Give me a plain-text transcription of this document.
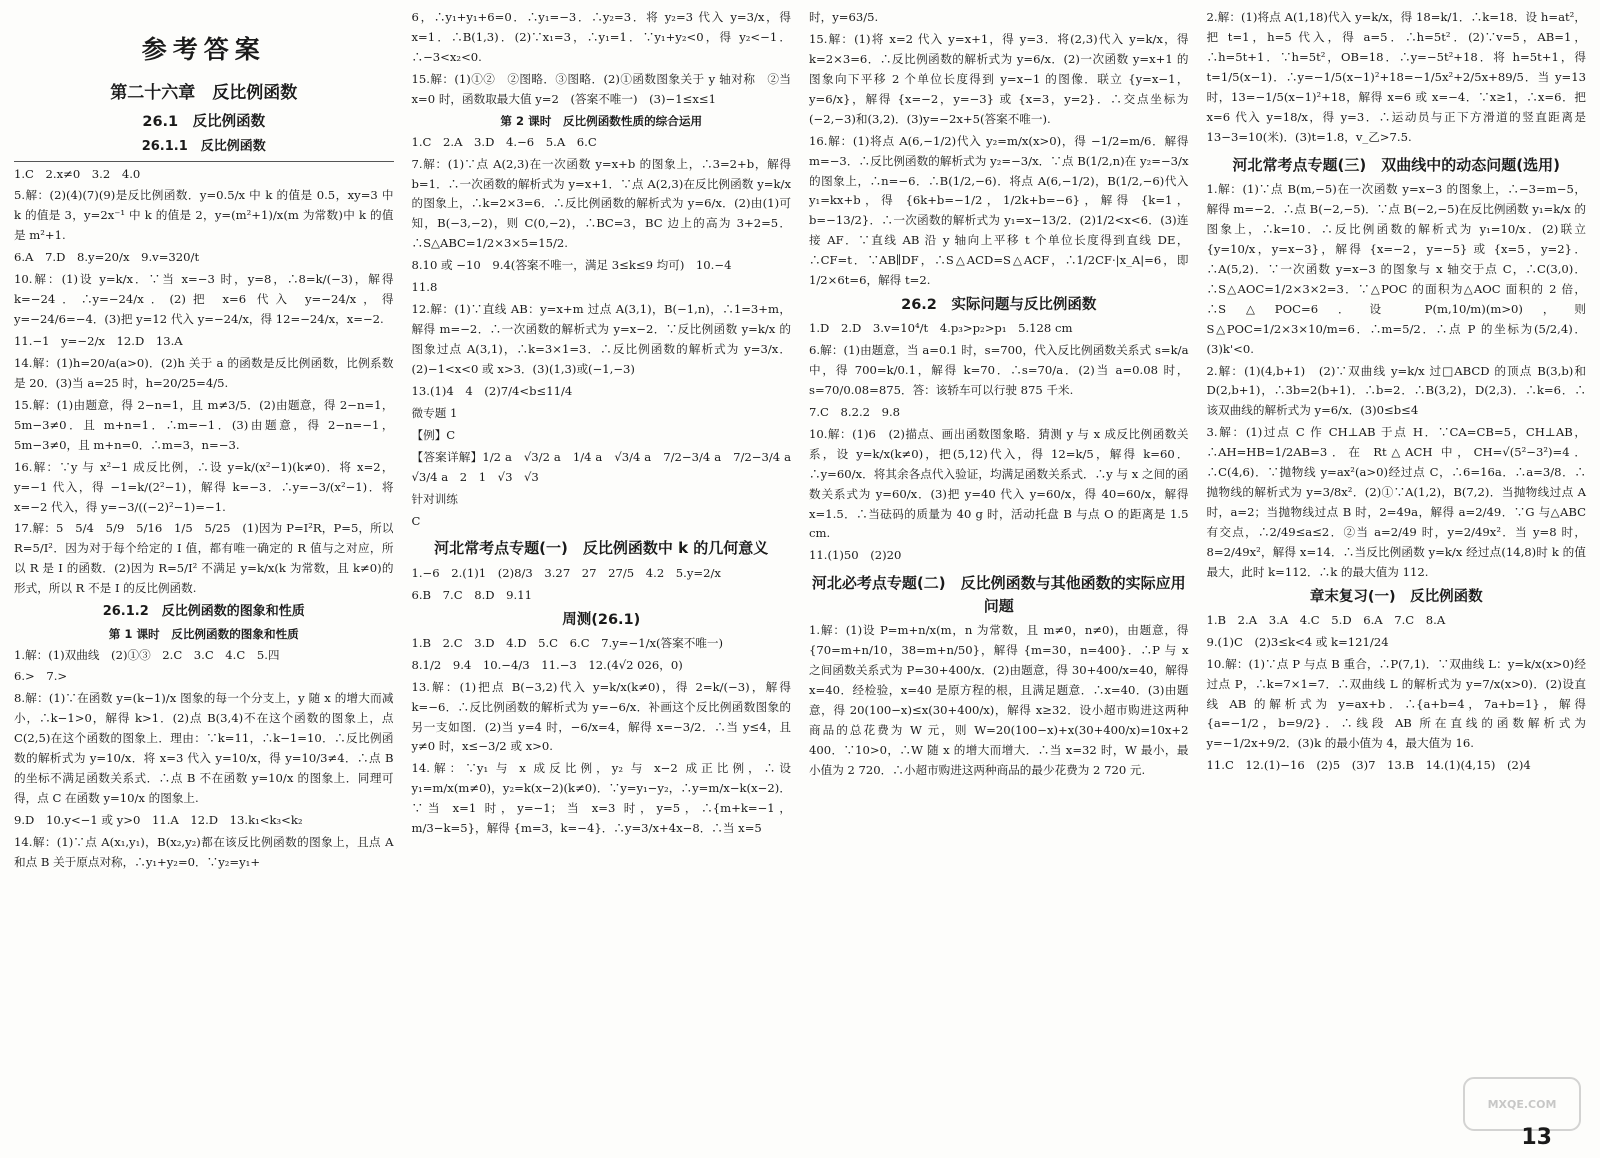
参考答案
第二十六章　反比例函数
26.1　反比例函数
26.1.1　反比例函数
1.C　2.x≠0　3.2　4.0
5.解：(2)(4)(7)(9)是反比例函数．y=0.5/x 中 k 的值是 0.5，xy=3 中 k 的值是 3，y=2x⁻¹ 中 k 的值是 2，y=(m²+1)/x(m 为常数)中 k 的值是 m²+1.
6.A　7.D　8.y=20/x　9.v=320/t
10.解：(1)设 y=k/x．∵当 x=−3 时，y=8，∴8=k/(−3)，解得 k=−24．∴y=−24/x．(2)把 x=6 代入 y=−24/x，得 y=−24/6=−4．(3)把 y=12 代入 y=−24/x，得 12=−24/x，x=−2.
11.−1　y=−2/x　12.D　13.A
14.解：(1)h=20/a(a>0)．(2)h 关于 a 的函数是反比例函数，比例系数是 20．(3)当 a=25 时，h=20/25=4/5.
15.解：(1)由题意，得 2−n=1，且 m≠3/5．(2)由题意，得 2−n=1，5m−3≠0．且 m+n=1．∴m=−1．(3)由题意，得 2−n=−1，5m−3≠0，且 m+n=0．∴m=3，n=−3.
16.解：∵y 与 x²−1 成反比例，∴设 y=k/(x²−1)(k≠0)．将 x=2，y=−1 代入，得 −1=k/(2²−1)，解得 k=−3．∴y=−3/(x²−1)．将 x=−2 代入，得 y=−3/((−2)²−1)=−1.
17.解：5　5/4　5/9　5/16　1/5　5/25　(1)因为 P=I²R，P=5，所以 R=5/I²．因为对于每个给定的 I 值，都有唯一确定的 R 值与之对应，所以 R 是 I 的函数．(2)因为 R=5/I² 不满足 y=k/x(k 为常数，且 k≠0)的形式，所以 R 不是 I 的反比例函数.
26.1.2　反比例函数的图象和性质
第 1 课时　反比例函数的图象和性质
1.解：(1)双曲线　(2)①③　2.C　3.C　4.C　5.四
6.>　7.>
8.解：(1)∵在函数 y=(k−1)/x 图象的每一个分支上，y 随 x 的增大而减小，∴k−1>0，解得 k>1．(2)点 B(3,4)不在这个函数的图象上，点 C(2,5)在这个函数的图象上．理由：∵k=11，∴k−1=10．∴反比例函数的解析式为 y=10/x．将 x=3 代入 y=10/x，得 y=10/3≠4．∴点 B 的坐标不满足函数关系式．∴点 B 不在函数 y=10/x 的图象上．同理可得，点 C 在函数 y=10/x 的图象上.
9.D　10.y<−1 或 y>0　11.A　12.D　13.k₁<k₃<k₂
14.解：(1)∵点 A(x₁,y₁)，B(x₂,y₂)都在该反比例函数的图象上，且点 A 和点 B 关于原点对称，∴y₁+y₂=0．∵y₂=y₁+
6，∴y₁+y₁+6=0．∴y₁=−3．∴y₂=3．将 y₂=3 代入 y=3/x，得 x=1．∴B(1,3)．(2)∵x₁=3，∴y₁=1．∵y₁+y₂<0，得 y₂<−1．∴−3<x₂<0.
15.解：(1)①②　②图略．③图略．(2)①函数图象关于 y 轴对称　②当 x=0 时，函数取最大值 y=2　(答案不唯一)　(3)−1≤x≤1
第 2 课时　反比例函数性质的综合运用
1.C　2.A　3.D　4.−6　5.A　6.C
7.解：(1)∵点 A(2,3)在一次函数 y=x+b 的图象上，∴3=2+b，解得 b=1．∴一次函数的解析式为 y=x+1．∵点 A(2,3)在反比例函数 y=k/x 的图象上，∴k=2×3=6．∴反比例函数的解析式为 y=6/x．(2)由(1)可知，B(−3,−2)，则 C(0,−2)，∴BC=3，BC 边上的高为 3+2=5．∴S△ABC=1/2×3×5=15/2.
8.10 或 −10　9.4(答案不唯一，满足 3≤k≤9 均可)　10.−4
11.8
12.解：(1)∵直线 AB：y=x+m 过点 A(3,1)，B(−1,n)，∴1=3+m，解得 m=−2．∴一次函数的解析式为 y=x−2．∵反比例函数 y=k/x 的图象过点 A(3,1)，∴k=3×1=3．∴反比例函数的解析式为 y=3/x．(2)−1<x<0 或 x>3．(3)(1,3)或(−1,−3)
13.(1)4　4　(2)7/4<b≤11/4
微专题 1
【例】C
【答案详解】1/2 a　√3/2 a　1/4 a　√3/4 a　7/2−3/4 a　7/2−3/4 a　√3/4 a　2　1　√3　√3
针对训练
C
河北常考点专题(一)　反比例函数中 k 的几何意义
1.−6　2.(1)1　(2)8/3　3.27　27　27/5　4.2　5.y=2/x
6.B　7.C　8.D　9.11
周测(26.1)
1.B　2.C　3.D　4.D　5.C　6.C　7.y=−1/x(答案不唯一)
8.1/2　9.4　10.−4/3　11.−3　12.(4√2 026，0)
13.解：(1)把点 B(−3,2)代入 y=k/x(k≠0)，得 2=k/(−3)，解得 k=−6．∴反比例函数的解析式为 y=−6/x．补画这个反比例函数图象的另一支如图．(2)当 y=4 时，−6/x=4，解得 x=−3/2．∴当 y≤4，且 y≠0 时，x≤−3/2 或 x>0.
14.解：∵y₁ 与 x 成反比例，y₂ 与 x−2 成正比例，∴设 y₁=m/x(m≠0)，y₂=k(x−2)(k≠0)．∵y=y₁−y₂，∴y=m/x−k(x−2)．∵当 x=1 时，y=−1；当 x=3 时，y=5，∴{m+k=−1，m/3−k=5}，解得 {m=3，k=−4}．∴y=3/x+4x−8．∴当 x=5
时，y=63/5.
15.解：(1)将 x=2 代入 y=x+1，得 y=3．将(2,3)代入 y=k/x，得 k=2×3=6．∴反比例函数的解析式为 y=6/x．(2)一次函数 y=x+1 的图象向下平移 2 个单位长度得到 y=x−1 的图像．联立 {y=x−1，y=6/x}，解得 {x=−2，y=−3} 或 {x=3，y=2}．∴交点坐标为(−2,−3)和(3,2)．(3)y=−2x+5(答案不唯一).
16.解：(1)将点 A(6,−1/2)代入 y₂=m/x(x>0)，得 −1/2=m/6．解得 m=−3．∴反比例函数的解析式为 y₂=−3/x．∵点 B(1/2,n)在 y₂=−3/x 的图象上，∴n=−6．∴B(1/2,−6)．将点 A(6,−1/2)，B(1/2,−6)代入 y₁=kx+b，得 {6k+b=−1/2，1/2k+b=−6}，解得 {k=1，b=−13/2}．∴一次函数的解析式为 y₁=x−13/2．(2)1/2<x<6．(3)连接 AF．∵直线 AB 沿 y 轴向上平移 t 个单位长度得到直线 DE，∴CF=t．∵AB∥DF，∴S△ACD=S△ACF，∴1/2CF·|x_A|=6，即 1/2×6t=6，解得 t=2.
26.2　实际问题与反比例函数
1.D　2.D　3.v=10⁴/t　4.p₃>p₂>p₁　5.128 cm
6.解：(1)由题意，当 a=0.1 时，s=700，代入反比例函数关系式 s=k/a 中，得 700=k/0.1，解得 k=70．∴s=70/a．(2)当 a=0.08 时，s=70/0.08=875．答：该轿车可以行驶 875 千米.
7.C　8.2.2　9.8
10.解：(1)6　(2)描点、画出函数图象略．猜测 y 与 x 成反比例函数关系，设 y=k/x(k≠0)，把(5,12)代入，得 12=k/5，解得 k=60．∴y=60/x．将其余各点代入验证，均满足函数关系式．∴y 与 x 之间的函数关系式为 y=60/x．(3)把 y=40 代入 y=60/x，得 40=60/x，解得 x=1.5．∴当砝码的质量为 40 g 时，活动托盘 B 与点 O 的距离是 1.5 cm.
11.(1)50　(2)20
河北必考点专题(二)　反比例函数与其他函数的实际应用问题
1.解：(1)设 P=m+n/x(m，n 为常数，且 m≠0，n≠0)，由题意，得 {70=m+n/10，38=m+n/50}，解得 {m=30，n=400}．∴P 与 x 之间函数关系式为 P=30+400/x．(2)由题意，得 30+400/x=40，解得 x=40．经检验，x=40 是原方程的根，且满足题意．∴x=40．(3)由题意，得 20(100−x)≤x(30+400/x)，解得 x≥32．设小超市购进这两种商品的总花费为 W 元，则 W=20(100−x)+x(30+400/x)=10x+2 400．∵10>0，∴W 随 x 的增大而增大．∴当 x=32 时，W 最小，最小值为 2 720．∴小超市购进这两种商品的最少花费为 2 720 元.
2.解：(1)将点 A(1,18)代入 y=k/x，得 18=k/1．∴k=18．设 h=at²，把 t=1，h=5 代入，得 a=5．∴h=5t²．(2)∵v=5，AB=1，∴h=5t+1．∵h=5t²，OB=18．∴y=−5t²+18．将 h=5t+1，得 t=1/5(x−1)．∴y=−1/5(x−1)²+18=−1/5x²+2/5x+89/5．当 y=13 时，13=−1/5(x−1)²+18，解得 x=6 或 x=−4．∵x≥1，∴x=6．把 x=6 代入 y=18/x，得 y=3．∴运动员与正下方滑道的竖直距离是 13−3=10(米)．(3)t=1.8，v_乙>7.5.
河北常考点专题(三)　双曲线中的动态问题(选用)
1.解：(1)∵点 B(m,−5)在一次函数 y=x−3 的图象上，∴−3=m−5，解得 m=−2．∴点 B(−2,−5)．∵点 B(−2,−5)在反比例函数 y₁=k/x 的图象上，∴k=10．∴反比例函数的解析式为 y₁=10/x．(2)联立 {y=10/x，y=x−3}，解得 {x=−2，y=−5} 或 {x=5，y=2}．∴A(5,2)．∵一次函数 y=x−3 的图象与 x 轴交于点 C，∴C(3,0)．∴S△AOC=1/2×3×2=3．∵△POC 的面积为△AOC 面积的 2 倍，∴S△POC=6．设 P(m,10/m)(m>0)，则 S△POC=1/2×3×10/m=6．∴m=5/2．∴点 P 的坐标为(5/2,4)．(3)k'<0.
2.解：(1)(4,b+1)　(2)∵双曲线 y=k/x 过□ABCD 的顶点 B(3,b)和 D(2,b+1)，∴3b=2(b+1)．∴b=2．∴B(3,2)，D(2,3)．∴k=6．∴该双曲线的解析式为 y=6/x．(3)0≤b≤4
3.解：(1)过点 C 作 CH⊥AB 于点 H．∵CA=CB=5，CH⊥AB，∴AH=HB=1/2AB=3．在 Rt△ACH 中，CH=√(5²−3²)=4．∴C(4,6)．∵抛物线 y=ax²(a>0)经过点 C，∴6=16a．∴a=3/8．∴抛物线的解析式为 y=3/8x²．(2)①∵A(1,2)，B(7,2)．当抛物线过点 A 时，a=2；当抛物线过点 B 时，2=49a，解得 a=2/49．∵G 与△ABC 有交点，∴2/49≤a≤2．②当 a=2/49 时，y=2/49x²．当 y=8 时，8=2/49x²，解得 x=14．∴当反比例函数 y=k/x 经过点(14,8)时 k 的值最大，此时 k=112．∴k 的最大值为 112.
章末复习(一)　反比例函数
1.B　2.A　3.A　4.C　5.D　6.A　7.C　8.A
9.(1)C　(2)3≤k<4 或 k=121/24
10.解：(1)∵点 P 与点 B 重合，∴P(7,1)．∵双曲线 L：y=k/x(x>0)经过点 P，∴k=7×1=7．∴双曲线 L 的解析式为 y=7/x(x>0)．(2)设直线 AB 的解析式为 y=ax+b．∴{a+b=4，7a+b=1}，解得 {a=−1/2，b=9/2}．∴线段 AB 所在直线的函数解析式为 y=−1/2x+9/2．(3)k 的最小值为 4，最大值为 16.
11.C　12.(1)−16　(2)5　(3)7　13.B　14.(1)(4,15)　(2)4
MXQE.COM
13
